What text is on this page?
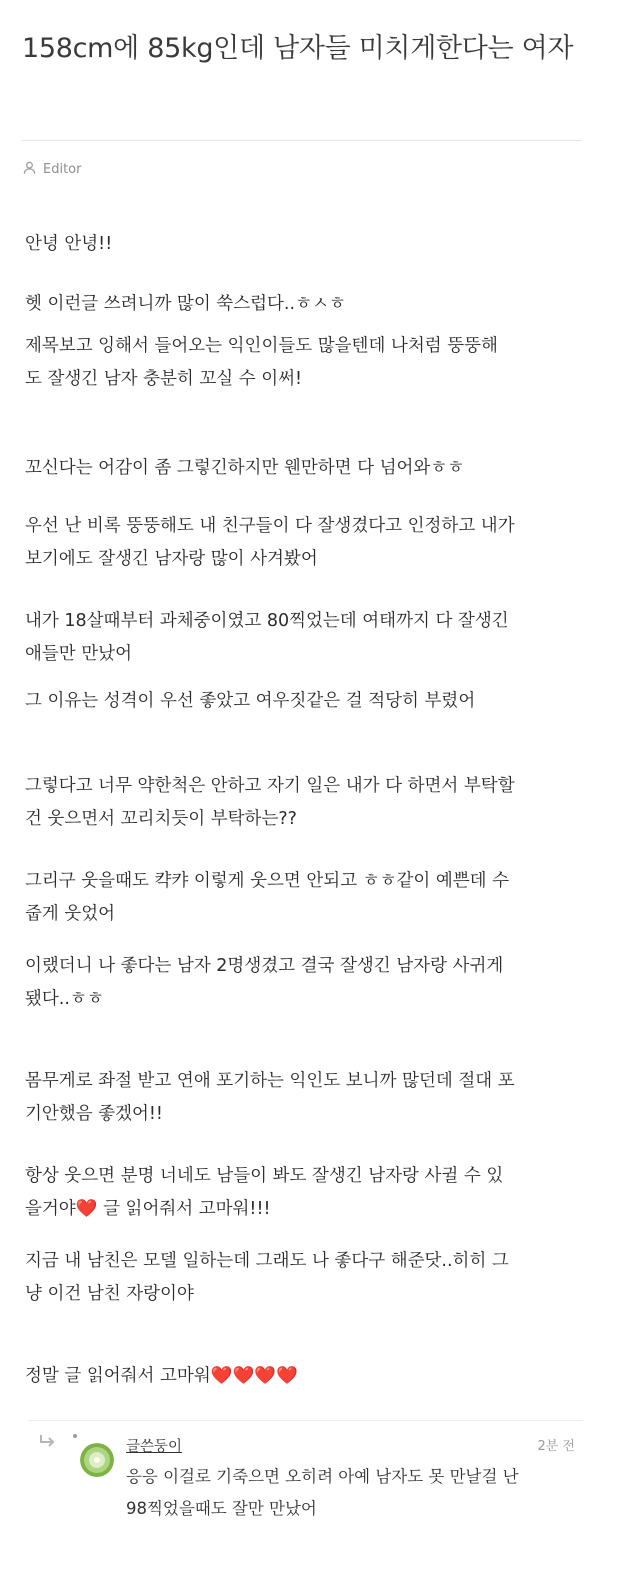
158cm에 85kg인데 남자들 미치게한다는 여자
Editor

안녕 안녕!!

헷 이런글 쓰려니까 많이 쑥스럽다..ㅎㅅㅎ

제목보고 잉해서 들어오는 익인이들도 많을텐데 나처럼 뚱뚱해
도 잘생긴 남자 충분히 꼬실 수 이써!

꼬신다는 어감이 좀 그렇긴하지만 웬만하면 다 넘어와ㅎㅎ

우선 난 비록 뚱뚱해도 내 친구들이 다 잘생겼다고 인정하고 내가
보기에도 잘생긴 남자랑 많이 사겨봤어

내가 18살때부터 과체중이였고 80찍었는데 여태까지 다 잘생긴
애들만 만났어

그 이유는 성격이 우선 좋았고 여우짓같은 걸 적당히 부렸어

그렇다고 너무 약한척은 안하고 자기 일은 내가 다 하면서 부탁할
건 웃으면서 꼬리치듯이 부탁하는??

그리구 웃을때도 캭캬 이렇게 웃으면 안되고 ㅎㅎ같이 예쁜데 수
줍게 웃었어

이랬더니 나 좋다는 남자 2명생겼고 결국 잘생긴 남자랑 사귀게
됐다..ㅎㅎ

몸무게로 좌절 받고 연애 포기하는 익인도 보니까 많던데 절대 포
기안했음 좋겠어!!

항상 웃으면 분명 너네도 남들이 봐도 잘생긴 남자랑 사귈 수 있
을거야❤️ 글 읽어줘서 고마워!!!

지금 내 남친은 모델 일하는데 그래도 나 좋다구 해준닷..히히 그
냥 이건 남친 자랑이야

정말 글 읽어줘서 고마워❤️❤️❤️❤️

글쓴둥이	2분 전

응응 이걸로 기죽으면 오히려 아예 남자도 못 만날걸 난
98찍었을때도 잘만 만났어
